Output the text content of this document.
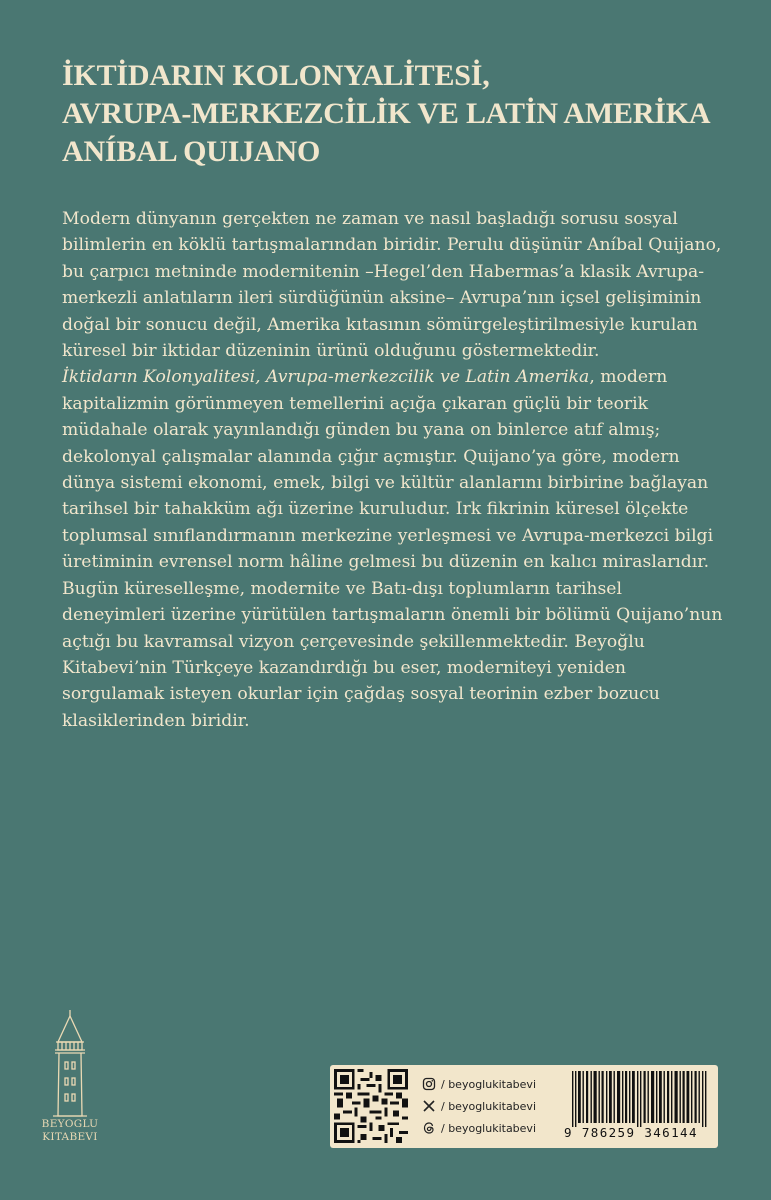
İKTİDARIN KOLONYALİTESİ,
AVRUPA-MERKEZCİLİK VE LATİN AMERİKA
ANÍBAL QUIJANO

Modern dünyanın gerçekten ne zaman ve nasıl başladığı sorusu sosyal bilimlerin en köklü tartışmalarından biridir. Perulu düşünür Aníbal Quijano, bu çarpıcı metninde modernitenin –Hegel’den Habermas’a klasik Avrupa-merkezli anlatıların ileri sürdüğünün aksine– Avrupa’nın içsel gelişiminin doğal bir sonucu değil, Amerika kıtasının sömürgeleştirilmesiyle kurulan küresel bir iktidar düzeninin ürünü olduğunu göstermektedir.

İktidarın Kolonyalitesi, Avrupa-merkezcilik ve Latin Amerika, modern kapitalizmin görünmeyen temellerini açığa çıkaran güçlü bir teorik müdahale olarak yayınlandığı günden bu yana on binlerce atıf almış; dekolonyal çalışmalar alanında çığır açmıştır. Quijano’ya göre, modern dünya sistemi ekonomi, emek, bilgi ve kültür alanlarını birbirine bağlayan tarihsel bir tahakküm ağı üzerine kuruludur. Irk fikrinin küresel ölçekte toplumsal sınıflandırmanın merkezine yerleşmesi ve Avrupa-merkezci bilgi üretiminin evrensel norm hâline gelmesi bu düzenin en kalıcı miraslarıdır.

Bugün küreselleşme, modernite ve Batı-dışı toplumların tarihsel deneyimleri üzerine yürütülen tartışmaların önemli bir bölümü Quijano’nun açtığı bu kavramsal vizyon çerçevesinde şekillenmektedir. Beyoğlu Kitabevi’nin Türkçeye kazandırdığı bu eser, moderniteyi yeniden sorgulamak isteyen okurlar için çağdaş sosyal teorinin ezber bozucu klasiklerinden biridir.

BEYOGLU
KITABEVI
/ beyoglukitabevi
/ beyoglukitabevi
/ beyoglukitabevi 9 786259 346144
